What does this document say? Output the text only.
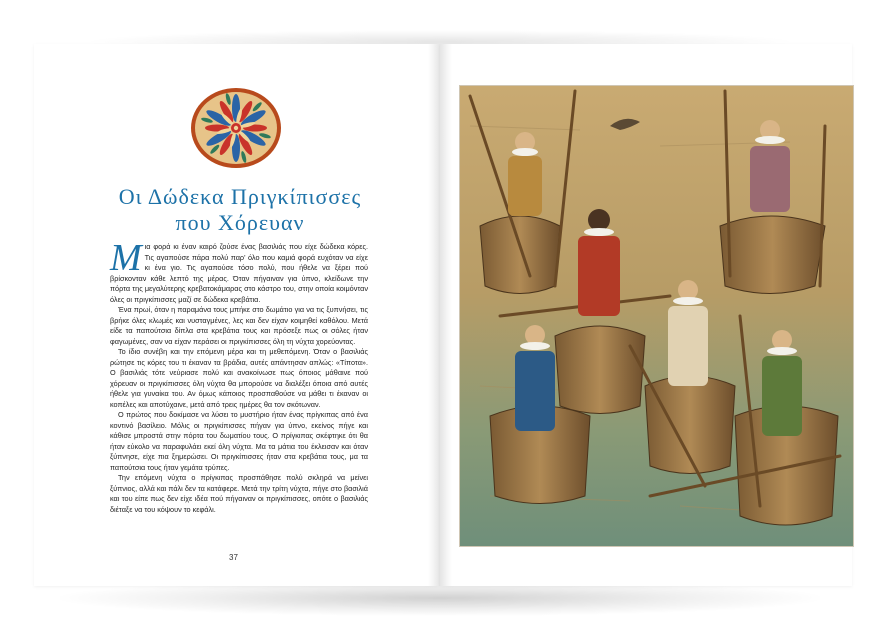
Οι Δώδεκα Πριγκίπισσες
που Χόρευαν

Μια φορά κι έναν καιρό ζούσε ένας βασιλιάς που είχε δώδεκα κόρες. Τις αγαπούσε πάρα πολύ παρ' όλο που καμιά φορά ευχόταν να είχε κι ένα γιο. Τις αγαπούσε τόσο πολύ, που ήθελε να ξέρει πού βρίσκονταν κάθε λεπτό της μέρας. Όταν πήγαιναν για ύπνο, κλείδωνε την πόρτα της μεγαλύτερης κρεβατοκάμαρας στο κάστρο του, στην οποία κοιμόνταν όλες οι πριγκίπισσες μαζί σε δώδεκα κρεβάτια.

Ένα πρωί, όταν η παραμάνα τους μπήκε στο δωμάτιο για να τις ξυπνήσει, τις βρήκε όλες κλωμές και νυσταγμένες, λες και δεν είχαν κοιμηθεί καθόλου. Μετά είδε τα παπούτσια δίπλα στα κρεβάτια τους και πρόσεξε πως οι σόλες ήταν φαγωμένες, σαν να είχαν περάσει οι πριγκίπισσες όλη τη νύχτα χορεύοντας.

Το ίδιο συνέβη και την επόμενη μέρα και τη μεθεπόμενη. Όταν ο βασιλιάς ρώτησε τις κόρες του τι έκαναν τα βράδια, αυτές απάντησαν απλώς: «Τίποτα». Ο βασιλιάς τότε νεύριασε πολύ και ανακοίνωσε πως όποιος μάθαινε πού χόρευαν οι πριγκίπισσες όλη νύχτα θα μπορούσε να διαλέξει όποια από αυτές ήθελε για γυναίκα του. Αν όμως κάποιος προσπαθούσε να μάθει τι έκαναν οι κοπέλες και αποτύχαινε, μετά από τρεις ημέρες θα τον σκότωναν.

Ο πρώτος που δοκίμασε να λύσει το μυστήριο ήταν ένας πρίγκιπας από ένα κοντινό βασίλειο. Μόλις οι πριγκίπισσες πήγαν για ύπνο, εκείνος πήγε και κάθισε μπροστά στην πόρτα του δωματίου τους. Ο πρίγκιπας σκέφτηκε ότι θα ήταν εύκολο να παραφυλάει εκεί όλη νύχτα. Μα τα μάτια του έκλεισαν και όταν ξύπνησε, είχε πια ξημερώσει. Οι πριγκίπισσες ήταν στα κρεβάτια τους, μα τα παπούτσια τους ήταν γεμάτα τρύπες.

Την επόμενη νύχτα ο πρίγκιπας προσπάθησε πολύ σκληρά να μείνει ξύπνιος, αλλά και πάλι δεν τα κατάφερε. Μετά την τρίτη νύχτα, πήγε στο βασιλιά και του είπε πως δεν είχε ιδέα πού πήγαιναν οι πριγκίπισσες, οπότε ο βασιλιάς διέταξε να του κόψουν το κεφάλι.

37
